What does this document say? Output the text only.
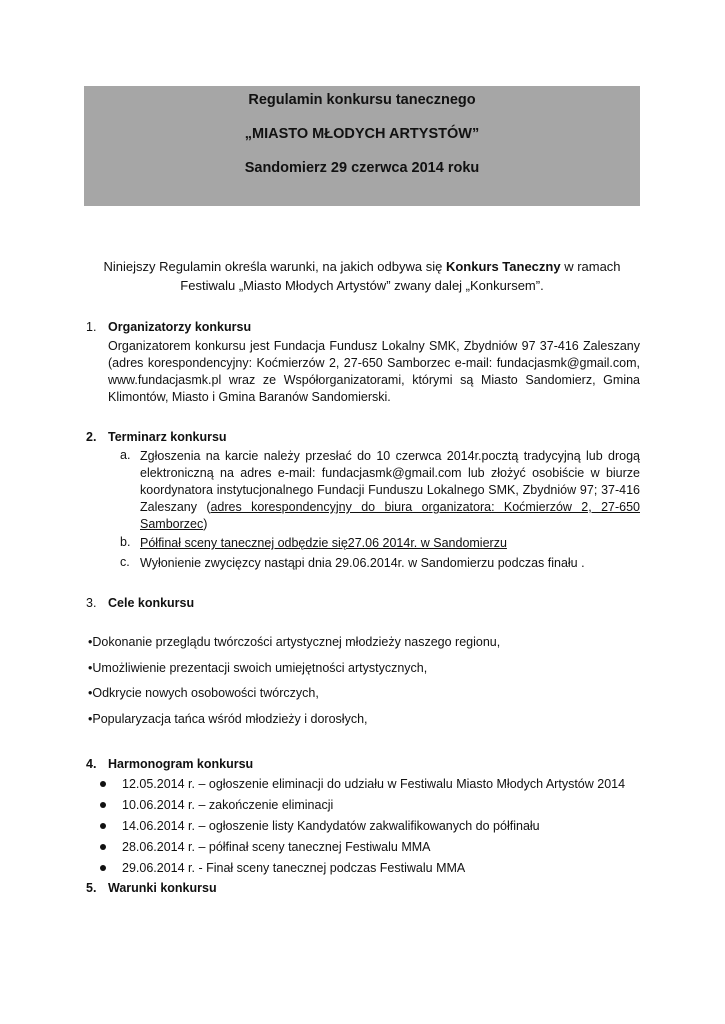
Regulamin konkursu tanecznego
„MIASTO MŁODYCH ARTYSTÓW”
Sandomierz 29 czerwca 2014 roku
Niniejszy Regulamin określa warunki, na jakich odbywa się Konkurs Taneczny w ramach Festiwalu „Miasto Młodych Artystów” zwany dalej „Konkursem”.
1. Organizatorzy konkursu
Organizatorem konkursu jest Fundacja Fundusz Lokalny SMK, Zbydniów 97 37-416 Zaleszany (adres korespondencyjny: Koćmierzów 2, 27-650 Samborzec e-mail: fundacjasmk@gmail.com, www.fundacjasmk.pl wraz ze Współorganizatorami, którymi są Miasto Sandomierz, Gmina Klimontów, Miasto i Gmina Baranów Sandomierski.
2. Terminarz konkursu
a. Zgłoszenia na karcie należy przesłać do 10 czerwca 2014r.pocztą tradycyjną lub drogą elektroniczną na adres e-mail: fundacjasmk@gmail.com lub złożyć osobiście w biurze koordynatora instytucjonalnego Fundacji Funduszu Lokalnego SMK, Zbydniów 97; 37-416 Zaleszany (adres korespondencyjny do biura organizatora: Koćmierzów 2, 27-650 Samborzec)
b. Półfinał sceny tanecznej odbędzie się27.06 2014r. w Sandomierzu
c. Wyłonienie zwycięzcy nastąpi dnia 29.06.2014r. w Sandomierzu podczas finału .
3. Cele konkursu
•Dokonanie przeglądu twórczości artystycznej młodzieży naszego regionu,
•Umożliwienie prezentacji swoich umiejętności artystycznych,
•Odkrycie nowych osobowości twórczych,
•Popularyzacja tańca wśród młodzieży i dorosłych,
4. Harmonogram konkursu
12.05.2014 r. – ogłoszenie eliminacji do udziału w Festiwalu Miasto Młodych Artystów 2014
10.06.2014 r. – zakończenie eliminacji
14.06.2014 r. – ogłoszenie listy Kandydatów zakwalifikowanych do półfinału
28.06.2014 r. – półfinał sceny tanecznej Festiwalu MMA
29.06.2014 r. - Finał sceny tanecznej podczas Festiwalu MMA
5. Warunki konkursu
